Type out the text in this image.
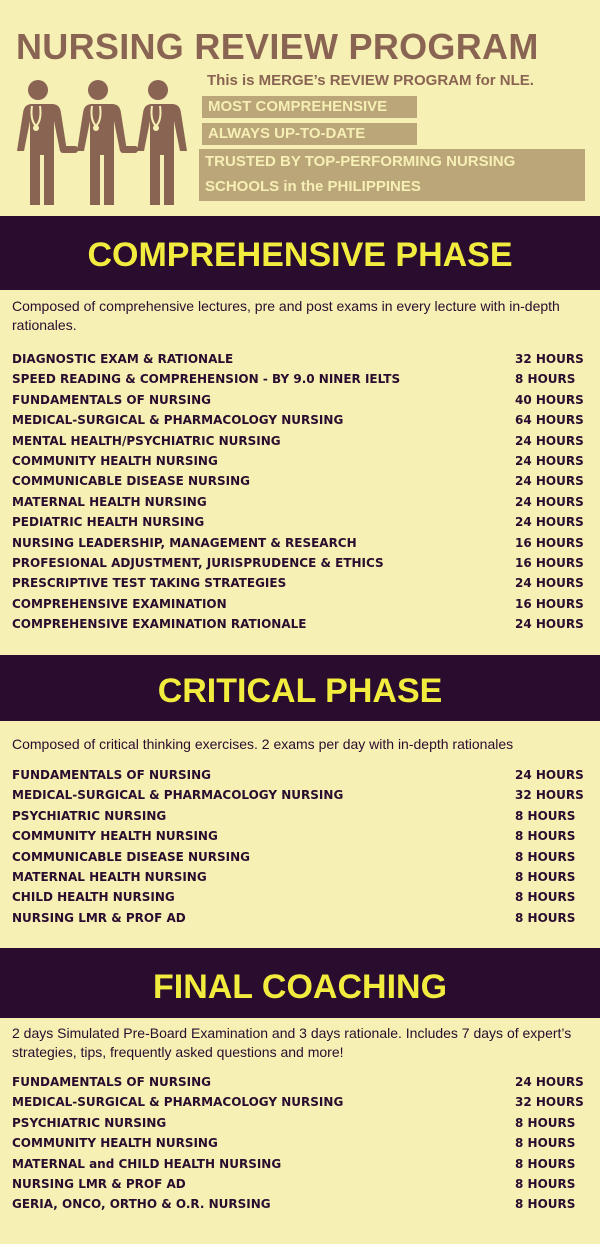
NURSING REVIEW PROGRAM
This is MERGE’s REVIEW PROGRAM for NLE.
MOST COMPREHENSIVE
ALWAYS UP-TO-DATE
TRUSTED BY TOP-PERFORMING NURSING SCHOOLS in the PHILIPPINES
COMPREHENSIVE PHASE
Composed of comprehensive lectures, pre and post exams in every lecture with in-depth rationales.
DIAGNOSTIC EXAM & RATIONALE	32 HOURS
SPEED READING & COMPREHENSION - BY 9.0 NINER IELTS	8 HOURS
FUNDAMENTALS OF NURSING	40 HOURS
MEDICAL-SURGICAL & PHARMACOLOGY NURSING	64 HOURS
MENTAL HEALTH/PSYCHIATRIC NURSING	24 HOURS
COMMUNITY HEALTH NURSING	24 HOURS
COMMUNICABLE DISEASE NURSING	24 HOURS
MATERNAL HEALTH NURSING	24 HOURS
PEDIATRIC HEALTH NURSING	24 HOURS
NURSING LEADERSHIP, MANAGEMENT & RESEARCH	16 HOURS
PROFESIONAL ADJUSTMENT, JURISPRUDENCE & ETHICS	16 HOURS
PRESCRIPTIVE TEST TAKING STRATEGIES	24 HOURS
COMPREHENSIVE EXAMINATION	16 HOURS
COMPREHENSIVE EXAMINATION RATIONALE	24 HOURS
CRITICAL PHASE
Composed of critical thinking exercises. 2 exams per day with in-depth rationales
FUNDAMENTALS OF NURSING	24 HOURS
MEDICAL-SURGICAL & PHARMACOLOGY NURSING	32 HOURS
PSYCHIATRIC NURSING	8 HOURS
COMMUNITY HEALTH NURSING	8 HOURS
COMMUNICABLE DISEASE NURSING	8 HOURS
MATERNAL HEALTH NURSING	8 HOURS
CHILD HEALTH NURSING	8 HOURS
NURSING LMR & PROF AD	8 HOURS
FINAL COACHING
2 days Simulated Pre-Board Examination and 3 days rationale. Includes 7 days of expert’s strategies, tips, frequently asked questions and more!
FUNDAMENTALS OF NURSING	24 HOURS
MEDICAL-SURGICAL & PHARMACOLOGY NURSING	32 HOURS
PSYCHIATRIC NURSING	8 HOURS
COMMUNITY HEALTH NURSING	8 HOURS
MATERNAL and CHILD HEALTH NURSING	8 HOURS
NURSING LMR & PROF AD	8 HOURS
GERIA, ONCO, ORTHO & O.R. NURSING	8 HOURS
